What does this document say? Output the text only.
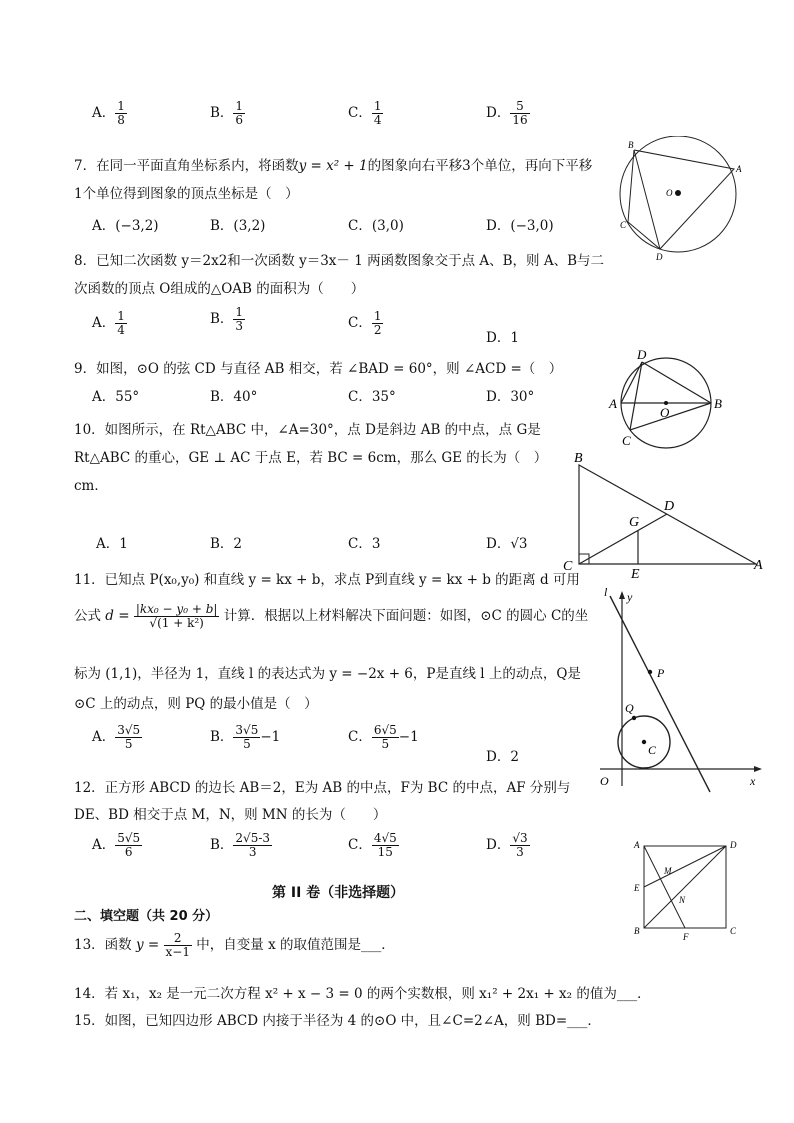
A． $\frac{1}{8}$	B． $\frac{1}{6}$	C． $\frac{1}{4}$	D． $\frac{5}{16}$
7．在同一平面直角坐标系内，将函数y = x² + 1的图象向右平移3个单位，再向下平移
1个单位得到图象的顶点坐标是（　）
A．(−3,2)	B．(3,2)	C．(3,0)	D．(−3,0)
8．已知二次函数 y＝2x2和一次函数 y＝3x－ 1 两函数图象交于点 A、B，则 A、B与二
次函数的顶点 O组成的△OAB 的面积为（　　）
A． $\frac{1}{4}$	B． $\frac{1}{3}$	C． $\frac{1}{2}$
D．1
9．如图，⊙O 的弦 CD 与直径 AB 相交，若 ∠BAD = 60°，则 ∠ACD =（　）
A．55°	B．40°	C．35°	D．30°
10．如图所示，在 Rt△ABC 中，∠A=30°，点 D是斜边 AB 的中点，点 G是
Rt△ABC 的重心，GE ⊥ AC 于点 E，若 BC = 6cm，那么 GE 的长为（　）
cm．
A．1	B．2	C．3	D．√3
11．已知点 P(x₀,y₀) 和直线 y = kx + b，求点 P到直线 y = kx + b 的距离 d 可用
公式 $d = \frac{\text{|kx₀ − y₀ + b|}}{\text{√(1 + k²)}}$ 计算．根据以上材料解决下面问题：如图，⊙C 的圆心 C的坐
标为 (1,1)，半径为 1，直线 l 的表达式为 y = −2x + 6，P是直线 l 上的动点，Q是
⊙C 上的动点，则 PQ 的最小值是（　）
A． $\frac{3√5}{5}$	B． $\frac{3√5}{5} -1$	C． $\frac{6√5}{5} -1$
D．2
12．正方形 ABCD 的边长 AB＝2，E为 AB 的中点，F为 BC 的中点，AF 分别与
DE、BD 相交于点 M，N，则 MN 的长为（　　）
A． $\frac{5√5}{6}$	B． $\frac{2√5-3}{3}$	C． $\frac{4√5}{15}$	D． $\frac{√3}{3}$
第 II 卷（非选择题）
二、填空题（共 20 分）
13．函数 $y = \frac{2}{x-1}$ 中，自变量 x 的取值范围是___．
14．若 x₁，x₂ 是一元二次方程 x² + x − 3 = 0 的两个实数根，则 x₁² + 2x₁ + x₂ 的值为___．
15．如图，已知四边形 ABCD 内接于半径为 4 的⊙O 中，且∠C=2∠A，则 BD=___．
B
A
O
C
D
D
A
O
B
C
B
D
G
C
E
A
l y
P
Q
C
O	x
A	D
M
E
N
B
F
C
